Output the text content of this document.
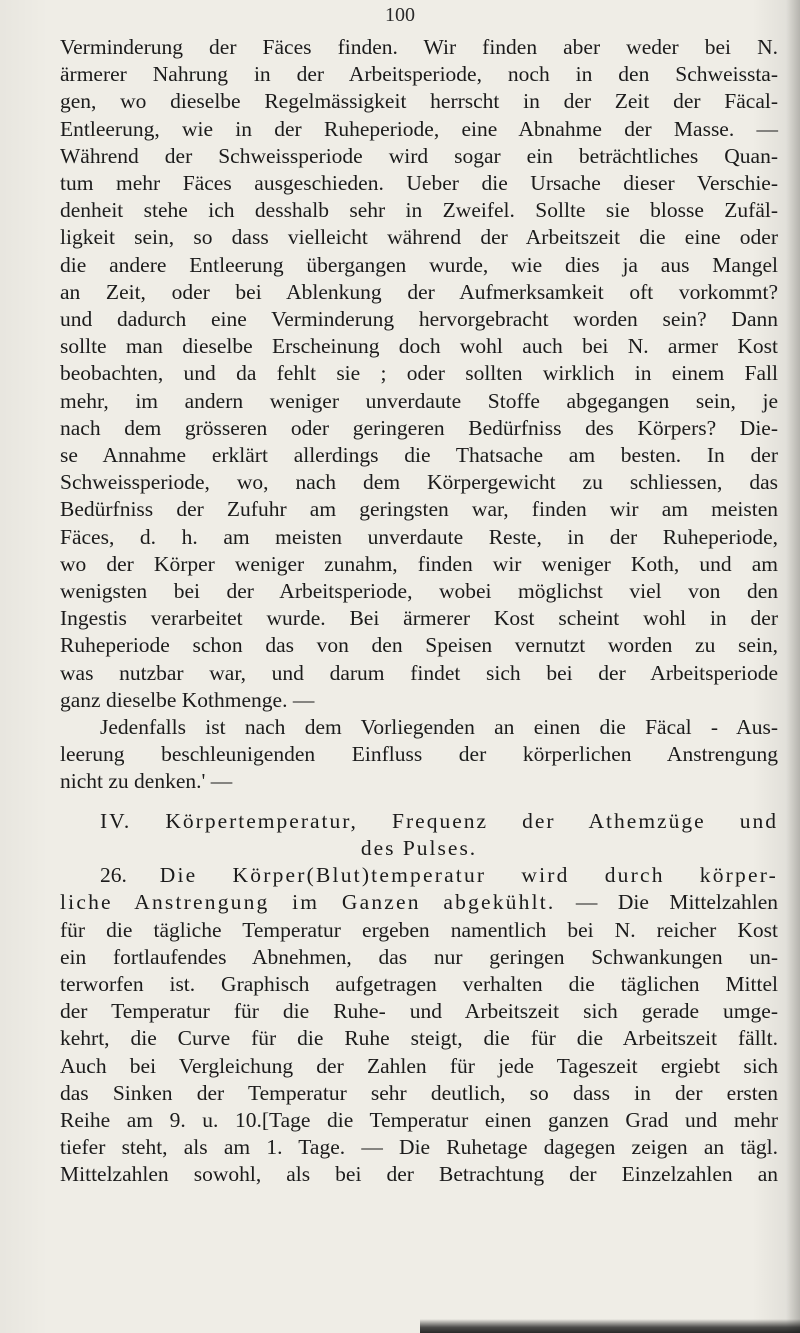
100
Verminderung der Fäces finden. Wir finden aber weder bei N.
ärmerer Nahrung in der Arbeitsperiode, noch in den Schweissta-
gen, wo dieselbe Regelmässigkeit herrscht in der Zeit der Fäcal-
Entleerung, wie in der Ruheperiode, eine Abnahme der Masse. —
Während der Schweissperiode wird sogar ein beträchtliches Quan-
tum mehr Fäces ausgeschieden. Ueber die Ursache dieser Verschie-
denheit stehe ich desshalb sehr in Zweifel. Sollte sie blosse Zufäl-
ligkeit sein, so dass vielleicht während der Arbeitszeit die eine oder
die andere Entleerung übergangen wurde, wie dies ja aus Mangel
an Zeit, oder bei Ablenkung der Aufmerksamkeit oft vorkommt?
und dadurch eine Verminderung hervorgebracht worden sein? Dann
sollte man dieselbe Erscheinung doch wohl auch bei N. armer Kost
beobachten, und da fehlt sie ; oder sollten wirklich in einem Fall
mehr, im andern weniger unverdaute Stoffe abgegangen sein, je
nach dem grösseren oder geringeren Bedürfniss des Körpers? Die-
se Annahme erklärt allerdings die Thatsache am besten. In der
Schweissperiode, wo, nach dem Körpergewicht zu schliessen, das
Bedürfniss der Zufuhr am geringsten war, finden wir am meisten
Fäces, d. h. am meisten unverdaute Reste, in der Ruheperiode,
wo der Körper weniger zunahm, finden wir weniger Koth, und am
wenigsten bei der Arbeitsperiode, wobei möglichst viel von den
Ingestis verarbeitet wurde. Bei ärmerer Kost scheint wohl in der
Ruheperiode schon das von den Speisen vernutzt worden zu sein,
was nutzbar war, und darum findet sich bei der Arbeitsperiode
ganz dieselbe Kothmenge. —
Jedenfalls ist nach dem Vorliegenden an einen die Fäcal - Aus-
leerung beschleunigenden Einfluss der körperlichen Anstrengung
nicht zu denken.' —
IV. Körpertemperatur, Frequenz der Athemzüge und
des Pulses.
26. Die Körper(Blut)temperatur wird durch körper-
liche Anstrengung im Ganzen abgekühlt. — Die Mittelzahlen
für die tägliche Temperatur ergeben namentlich bei N. reicher Kost
ein fortlaufendes Abnehmen, das nur geringen Schwankungen un-
terworfen ist. Graphisch aufgetragen verhalten die täglichen Mittel
der Temperatur für die Ruhe- und Arbeitszeit sich gerade umge-
kehrt, die Curve für die Ruhe steigt, die für die Arbeitszeit fällt.
Auch bei Vergleichung der Zahlen für jede Tageszeit ergiebt sich
das Sinken der Temperatur sehr deutlich, so dass in der ersten
Reihe am 9. u. 10.[Tage die Temperatur einen ganzen Grad und mehr
tiefer steht, als am 1. Tage. — Die Ruhetage dagegen zeigen an tägl.
Mittelzahlen sowohl, als bei der Betrachtung der Einzelzahlen an
